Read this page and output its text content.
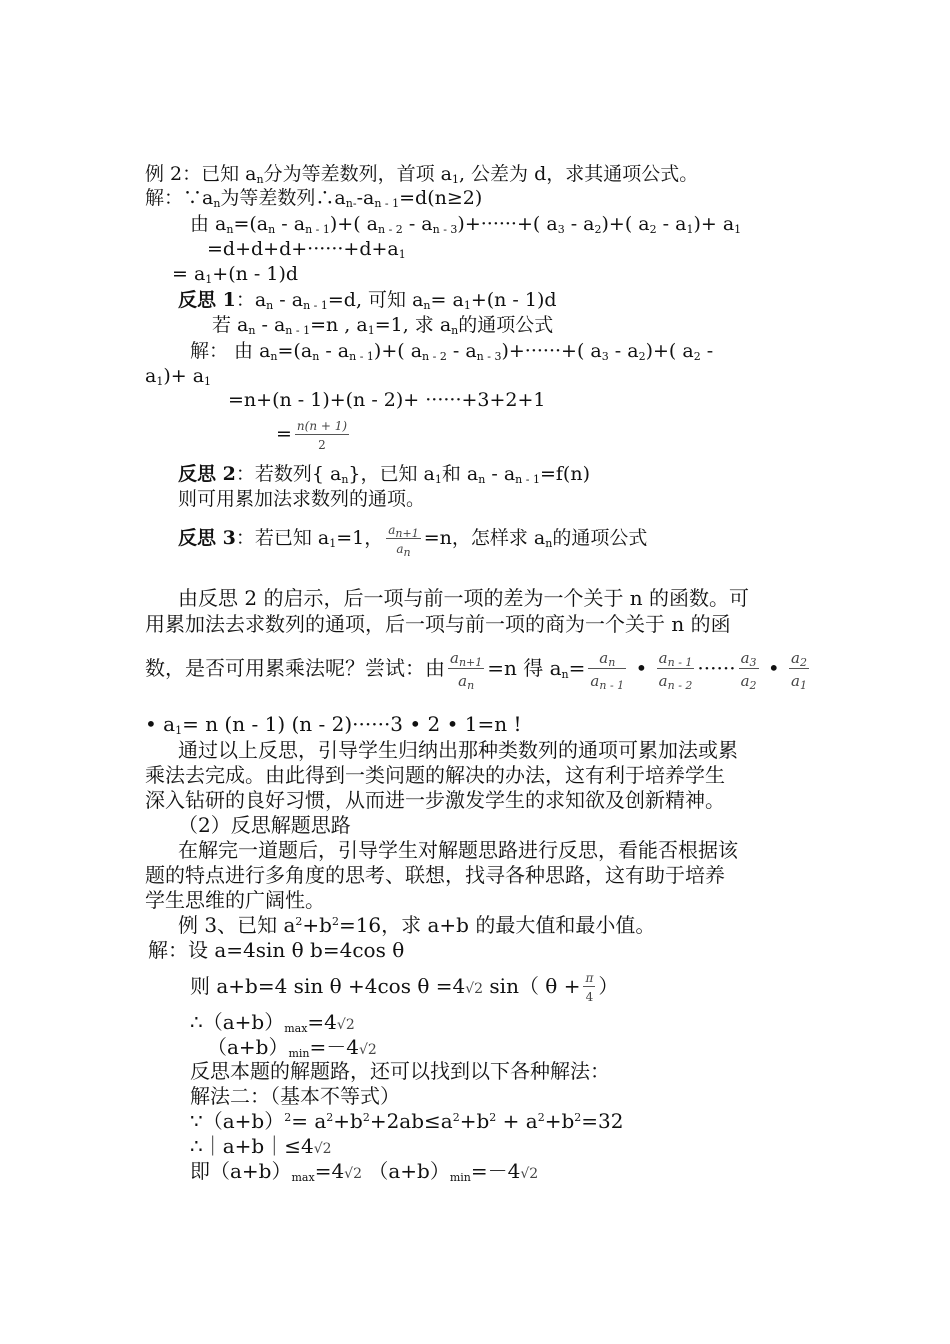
例 2：已知 $a_n$分为等差数列，首项 $a_1$, 公差为 d，求其通项公式。
解：$\because a_n$为等差数列$\therefore a_{n-}-a_{n - 1}=d(n\ge 2)$
由 $a_n=(a_n - a_{n - 1})+$( $a_{n - 2} - a_{n - 3})+\cdot\cdot\cdot\cdot\cdot\cdot+$( $a_3 - a_2)+$( $a_2 - a_1)+ a_1$
$=d+d+d+\cdot\cdot\cdot\cdot\cdot\cdot+d+a_1$
= $a_1+(n - 1)d$
反思 1：$a_n - a_{n - 1}=d$, 可知 $a_n= a_1+(n - 1)d$
若 $a_n - a_{n - 1}=n$ , $a_1=1$, 求 $a_n$的通项公式
解： 由 $a_n=(a_n - a_{n - 1})+$( $a_{n - 2} - a_{n - 3})+\cdot\cdot\cdot\cdot\cdot\cdot+$( $a_3 - a_2)+$( $a_2$ -
$a_1)+ a_1$
=n+(n - 1)+(n - 2)+ ······+3+2+1
= $\frac{n(n + 1)}{2}$
反思 2：若数列{ $a_n$}，已知 $a_1$和 $a_n - a_{n - 1}=f(n)$
则可用累加法求数列的通项。
反思 3：若已知 $a_1=1$， $\frac{a_{n+1}}{a_n} =n$，怎样求 $a_n$的通项公式
由反思 2 的启示，后一项与前一项的差为一个关于 n 的函数。可
用累加法去求数列的通项，后一项与前一项的商为一个关于 n 的函
数，是否可用累乘法呢？尝试：由 $\frac{a_{n+1}}{a_n} =n$ 得 $a_n= \frac{a_n}{a_{n - 1}}$ • $\frac{a_{n - 1}}{a_{n - 2}}$ ······ $\frac{a_3}{a_2}$ • $\frac{a_2}{a_1}$
• $a_1= n$ (n - 1) (n - 2)······3 • 2 • 1=n !
通过以上反思，引导学生归纳出那种类数列的通项可累加法或累
乘法去完成。由此得到一类问题的解决的办法，这有利于培养学生
深入钻研的良好习惯，从而进一步激发学生的求知欲及创新精神。
（2）反思解题思路
在解完一道题后，引导学生对解题思路进行反思，看能否根据该
题的特点进行多角度的思考、联想，找寻各种思路，这有助于培养
学生思维的广阔性。
例 3、已知 $a^2+b^2=16$，求 a+b 的最大值和最小值。
解：设 a=4sin θ b=4cos θ
则 a+b=4 sin θ +4cos θ =4√2 sin（ $\theta + \frac{\pi}{4}$ ）
$\therefore(a+b)_{max}=4√2$
$(a+b)_{min}=-4√2$
反思本题的解题路，还可以找到以下各种解法：
解法二：（基本不等式）
$\because(a+b)^2= a^2+b^2+2ab\le a^2+b^2 + a^2+b^2=32$
∴｜a+b｜≤4√2
即$(a+b)_{max}=4√2$ $(a+b)_{min}=-4√2$
